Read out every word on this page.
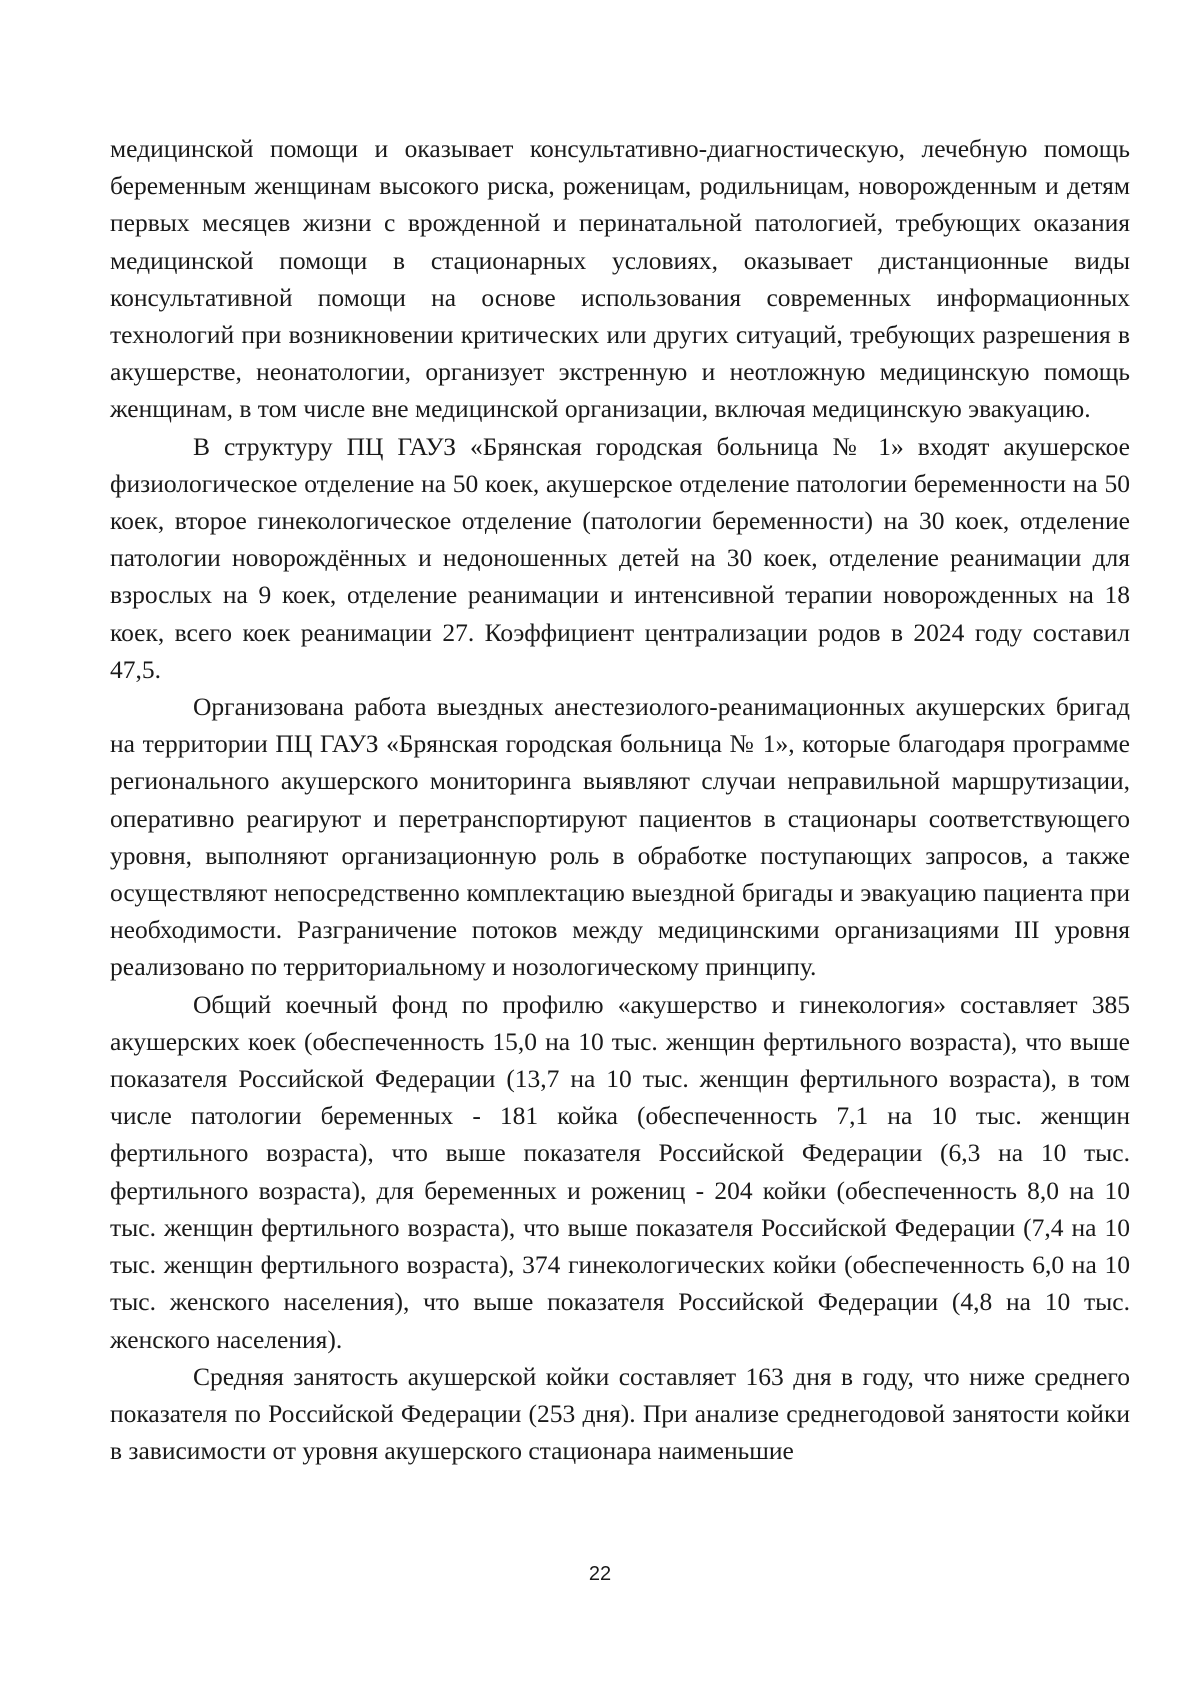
медицинской помощи и оказывает консультативно-диагностическую, лечебную помощь беременным женщинам высокого риска, роженицам, родильницам, новорожденным и детям первых месяцев жизни с врожденной и перинатальной патологией, требующих оказания медицинской помощи в стационарных условиях, оказывает дистанционные виды консультативной помощи на основе использования современных информационных технологий при возникновении критических или других ситуаций, требующих разрешения в акушерстве, неонатологии, организует экстренную и неотложную медицинскую помощь женщинам, в том числе вне медицинской организации, включая медицинскую эвакуацию.

В структуру ПЦ ГАУЗ «Брянская городская больница № 1» входят акушерское физиологическое отделение на 50 коек, акушерское отделение патологии беременности на 50 коек, второе гинекологическое отделение (патологии беременности) на 30 коек, отделение патологии новорождённых и недоношенных детей на 30 коек, отделение реанимации для взрослых на 9 коек, отделение реанимации и интенсивной терапии новорожденных на 18 коек, всего коек реанимации 27. Коэффициент централизации родов в 2024 году составил 47,5.

Организована работа выездных анестезиолого-реанимационных акушерских бригад на территории ПЦ ГАУЗ «Брянская городская больница № 1», которые благодаря программе регионального акушерского мониторинга выявляют случаи неправильной маршрутизации, оперативно реагируют и перетранспортируют пациентов в стационары соответствующего уровня, выполняют организационную роль в обработке поступающих запросов, а также осуществляют непосредственно комплектацию выездной бригады и эвакуацию пациента при необходимости. Разграничение потоков между медицинскими организациями III уровня реализовано по территориальному и нозологическому принципу.

Общий коечный фонд по профилю «акушерство и гинекология» составляет 385 акушерских коек (обеспеченность 15,0 на 10 тыс. женщин фертильного возраста), что выше показателя Российской Федерации (13,7 на 10 тыс. женщин фертильного возраста), в том числе патологии беременных - 181 койка (обеспеченность 7,1 на 10 тыс. женщин фертильного возраста), что выше показателя Российской Федерации (6,3 на 10 тыс. фертильного возраста), для беременных и рожениц - 204 койки (обеспеченность 8,0 на 10 тыс. женщин фертильного возраста), что выше показателя Российской Федерации (7,4 на 10 тыс. женщин фертильного возраста), 374 гинекологических койки (обеспеченность 6,0 на 10 тыс. женского населения), что выше показателя Российской Федерации (4,8 на 10 тыс. женского населения).

Средняя занятость акушерской койки составляет 163 дня в году, что ниже среднего показателя по Российской Федерации (253 дня). При анализе среднегодовой занятости койки в зависимости от уровня акушерского стационара наименьшие

22
